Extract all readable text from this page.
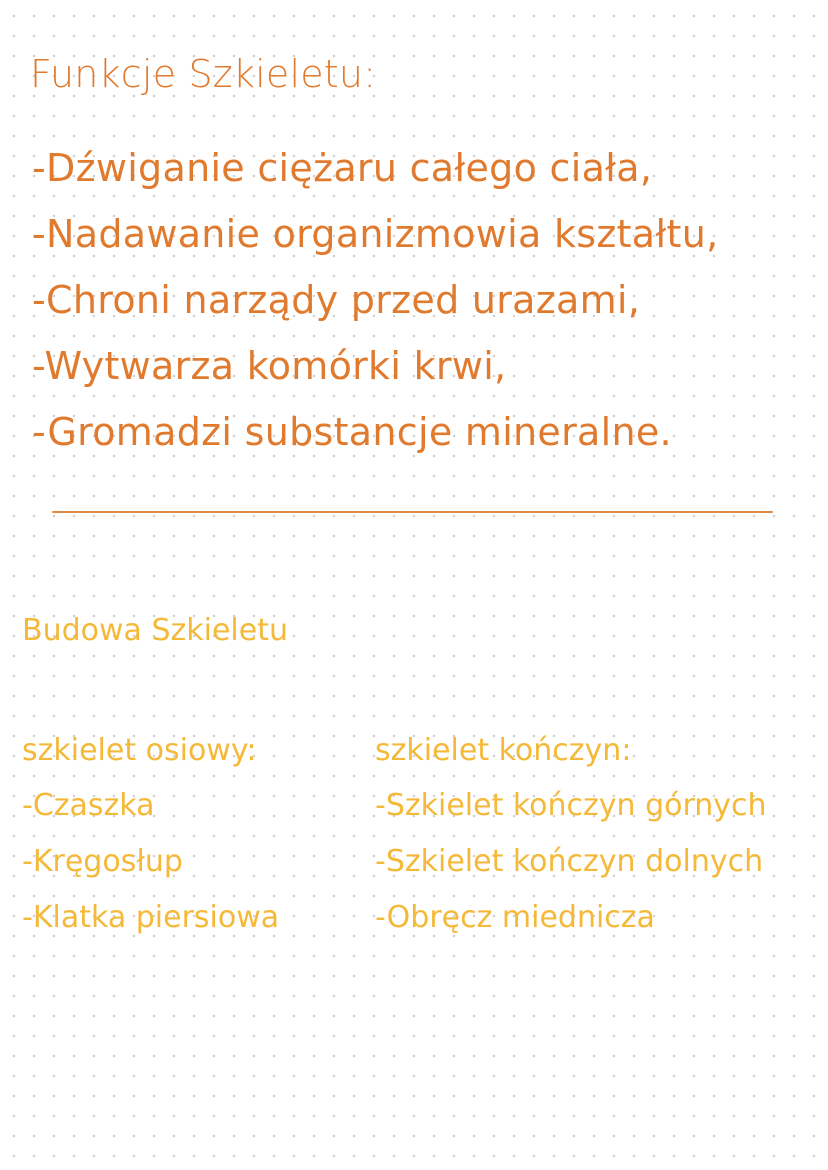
Funkcje Szkieletu:
-Dźwiganie ciężaru całego ciała,
-Nadawanie organizmowia kształtu,
-Chroni narządy przed urazami,
-Wytwarza komórki krwi,
-Gromadzi substancje mineralne.
Budowa Szkieletu
szkielet osiowy:
-Czaszka
-Kręgosłup
-Klatka piersiowa
szkielet kończyn:
-Szkielet kończyn górnych
-Szkielet kończyn dolnych
-Obręcz miednicza
